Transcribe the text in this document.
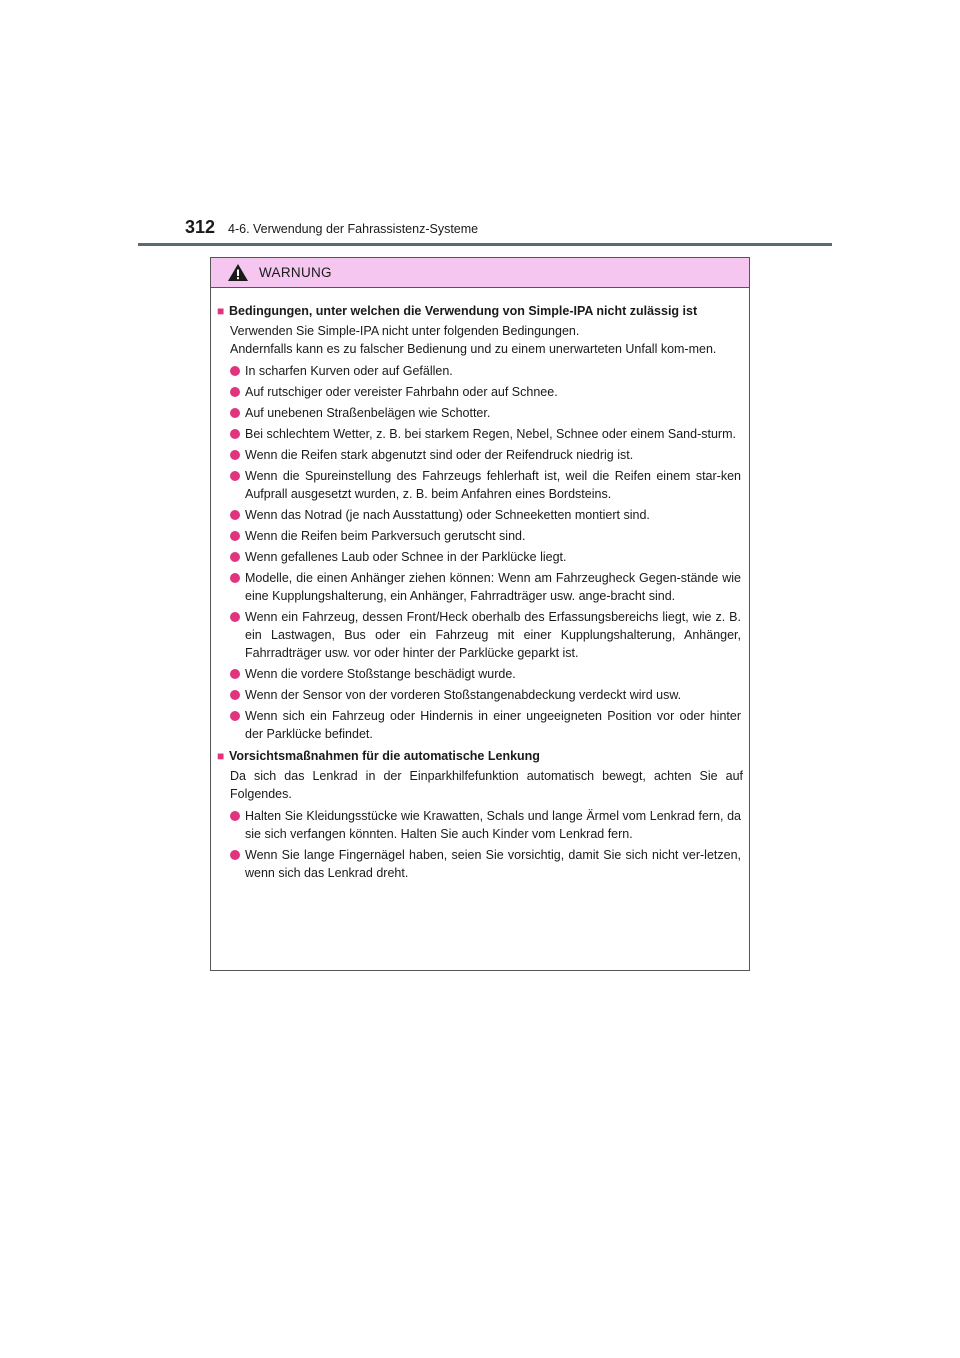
312 4-6. Verwendung der Fahrassistenz-Systeme
WARNUNG
■ Bedingungen, unter welchen die Verwendung von Simple-IPA nicht zulässig ist
Verwenden Sie Simple-IPA nicht unter folgenden Bedingungen.
Andernfalls kann es zu falscher Bedienung und zu einem unerwarteten Unfall kom-men.
In scharfen Kurven oder auf Gefällen.
Auf rutschiger oder vereister Fahrbahn oder auf Schnee.
Auf unebenen Straßenbelägen wie Schotter.
Bei schlechtem Wetter, z. B. bei starkem Regen, Nebel, Schnee oder einem Sand-sturm.
Wenn die Reifen stark abgenutzt sind oder der Reifendruck niedrig ist.
Wenn die Spureinstellung des Fahrzeugs fehlerhaft ist, weil die Reifen einem star-ken Aufprall ausgesetzt wurden, z. B. beim Anfahren eines Bordsteins.
Wenn das Notrad (je nach Ausstattung) oder Schneeketten montiert sind.
Wenn die Reifen beim Parkversuch gerutscht sind.
Wenn gefallenes Laub oder Schnee in der Parklücke liegt.
Modelle, die einen Anhänger ziehen können: Wenn am Fahrzeugheck Gegen-stände wie eine Kupplungshalterung, ein Anhänger, Fahrradträger usw. ange-bracht sind.
Wenn ein Fahrzeug, dessen Front/Heck oberhalb des Erfassungsbereichs liegt, wie z. B. ein Lastwagen, Bus oder ein Fahrzeug mit einer Kupplungshalterung, Anhänger, Fahrradträger usw. vor oder hinter der Parklücke geparkt ist.
Wenn die vordere Stoßstange beschädigt wurde.
Wenn der Sensor von der vorderen Stoßstangenabdeckung verdeckt wird usw.
Wenn sich ein Fahrzeug oder Hindernis in einer ungeeigneten Position vor oder hinter der Parklücke befindet.
■ Vorsichtsmaßnahmen für die automatische Lenkung
Da sich das Lenkrad in der Einparkhilfefunktion automatisch bewegt, achten Sie auf Folgendes.
Halten Sie Kleidungsstücke wie Krawatten, Schals und lange Ärmel vom Lenkrad fern, da sie sich verfangen könnten. Halten Sie auch Kinder vom Lenkrad fern.
Wenn Sie lange Fingernägel haben, seien Sie vorsichtig, damit Sie sich nicht ver-letzen, wenn sich das Lenkrad dreht.
